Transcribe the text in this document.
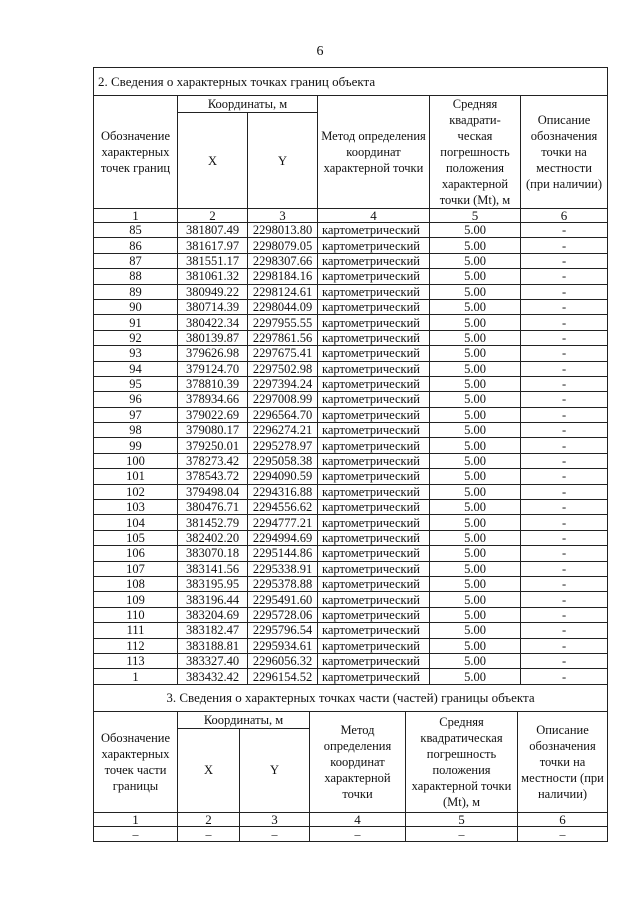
6
2. Сведения о характерных точках границ объекта					
Обозначение характерных точек границ	Координаты, м		Метод определения координат характерной точки	Средняя квадрати-ческая погрешность положения характерной точки (Mt), м	Описание обозначения точки на местности (при наличии)
	X	Y			
1	2	3	4	5	6
85	381807.49	2298013.80	картометрический	5.00	-
86	381617.97	2298079.05	картометрический	5.00	-
87	381551.17	2298307.66	картометрический	5.00	-
88	381061.32	2298184.16	картометрический	5.00	-
89	380949.22	2298124.61	картометрический	5.00	-
90	380714.39	2298044.09	картометрический	5.00	-
91	380422.34	2297955.55	картометрический	5.00	-
92	380139.87	2297861.56	картометрический	5.00	-
93	379626.98	2297675.41	картометрический	5.00	-
94	379124.70	2297502.98	картометрический	5.00	-
95	378810.39	2297394.24	картометрический	5.00	-
96	378934.66	2297008.99	картометрический	5.00	-
97	379022.69	2296564.70	картометрический	5.00	-
98	379080.17	2296274.21	картометрический	5.00	-
99	379250.01	2295278.97	картометрический	5.00	-
100	378273.42	2295058.38	картометрический	5.00	-
101	378543.72	2294090.59	картометрический	5.00	-
102	379498.04	2294316.88	картометрический	5.00	-
103	380476.71	2294556.62	картометрический	5.00	-
104	381452.79	2294777.21	картометрический	5.00	-
105	382402.20	2294994.69	картометрический	5.00	-
106	383070.18	2295144.86	картометрический	5.00	-
107	383141.56	2295338.91	картометрический	5.00	-
108	383195.95	2295378.88	картометрический	5.00	-
109	383196.44	2295491.60	картометрический	5.00	-
110	383204.69	2295728.06	картометрический	5.00	-
111	383182.47	2295796.54	картометрический	5.00	-
112	383188.81	2295934.61	картометрический	5.00	-
113	383327.40	2296056.32	картометрический	5.00	-
1	383432.42	2296154.52	картометрический	5.00	-
3. Сведения о характерных точках части (частей) границы объекта					
Обозначение характерных точек части границы	Координаты, м		Метод определения координат характерной точки	Средняя квадратическая погрешность положения характерной точки (Mt), м	Описание обозначения точки на местности (при наличии)
	X	Y			
1	2	3	4	5	6
–	–	–	–	–	–
